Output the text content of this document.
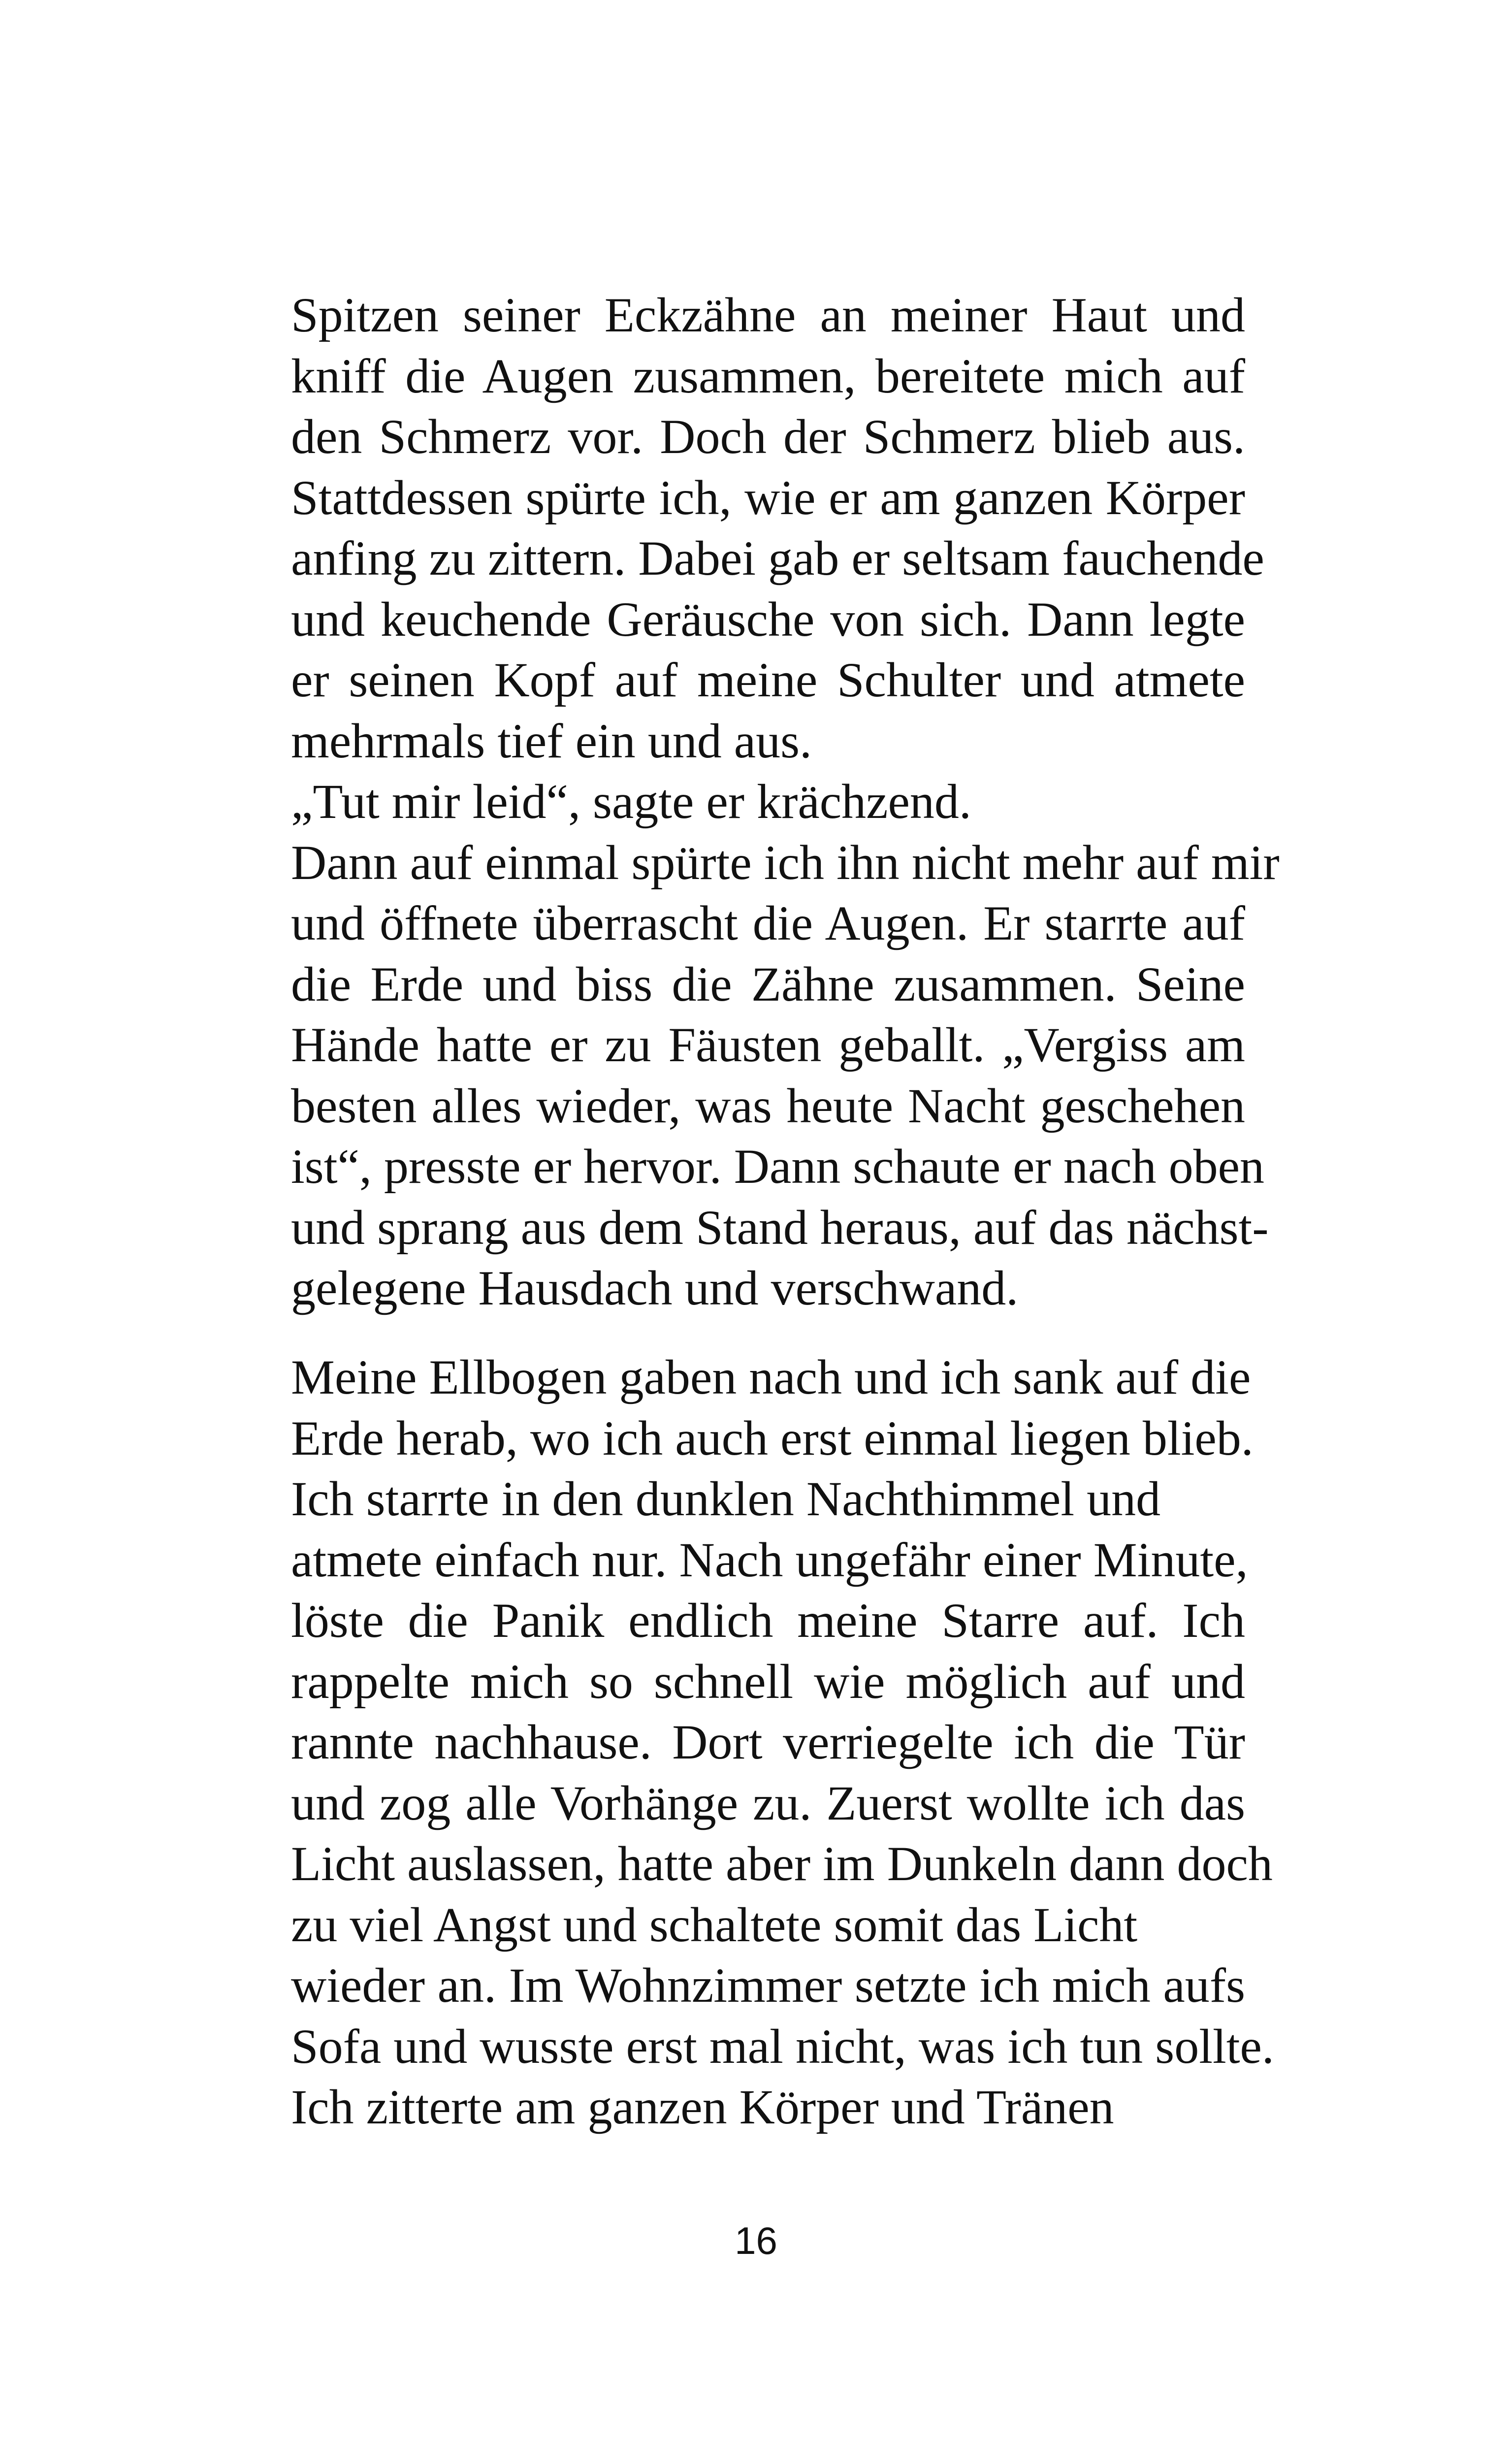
Spitzen seiner Eckzähne an meiner Haut und
kniff die Augen zusammen, bereitete mich auf
den Schmerz vor. Doch der Schmerz blieb aus.
Stattdessen spürte ich, wie er am ganzen Körper
anfing zu zittern. Dabei gab er seltsam fauchende
und keuchende Geräusche von sich. Dann legte
er seinen Kopf auf meine Schulter und atmete
mehrmals tief ein und aus.
„Tut mir leid“, sagte er krächzend.
Dann auf einmal spürte ich ihn nicht mehr auf mir
und öffnete überrascht die Augen. Er starrte auf
die Erde und biss die Zähne zusammen. Seine
Hände hatte er zu Fäusten geballt. „Vergiss am
besten alles wieder, was heute Nacht geschehen
ist“, presste er hervor. Dann schaute er nach oben
und sprang aus dem Stand heraus, auf das nächst-
gelegene Hausdach und verschwand.
Meine Ellbogen gaben nach und ich sank auf die
Erde herab, wo ich auch erst einmal liegen blieb.
Ich starrte in den dunklen Nachthimmel und
atmete einfach nur. Nach ungefähr einer Minute,
löste die Panik endlich meine Starre auf. Ich
rappelte mich so schnell wie möglich auf und
rannte nachhause. Dort verriegelte ich die Tür
und zog alle Vorhänge zu. Zuerst wollte ich das
Licht auslassen, hatte aber im Dunkeln dann doch
zu viel Angst und schaltete somit das Licht
wieder an. Im Wohnzimmer setzte ich mich aufs
Sofa und wusste erst mal nicht, was ich tun sollte.
Ich zitterte am ganzen Körper und Tränen
16
